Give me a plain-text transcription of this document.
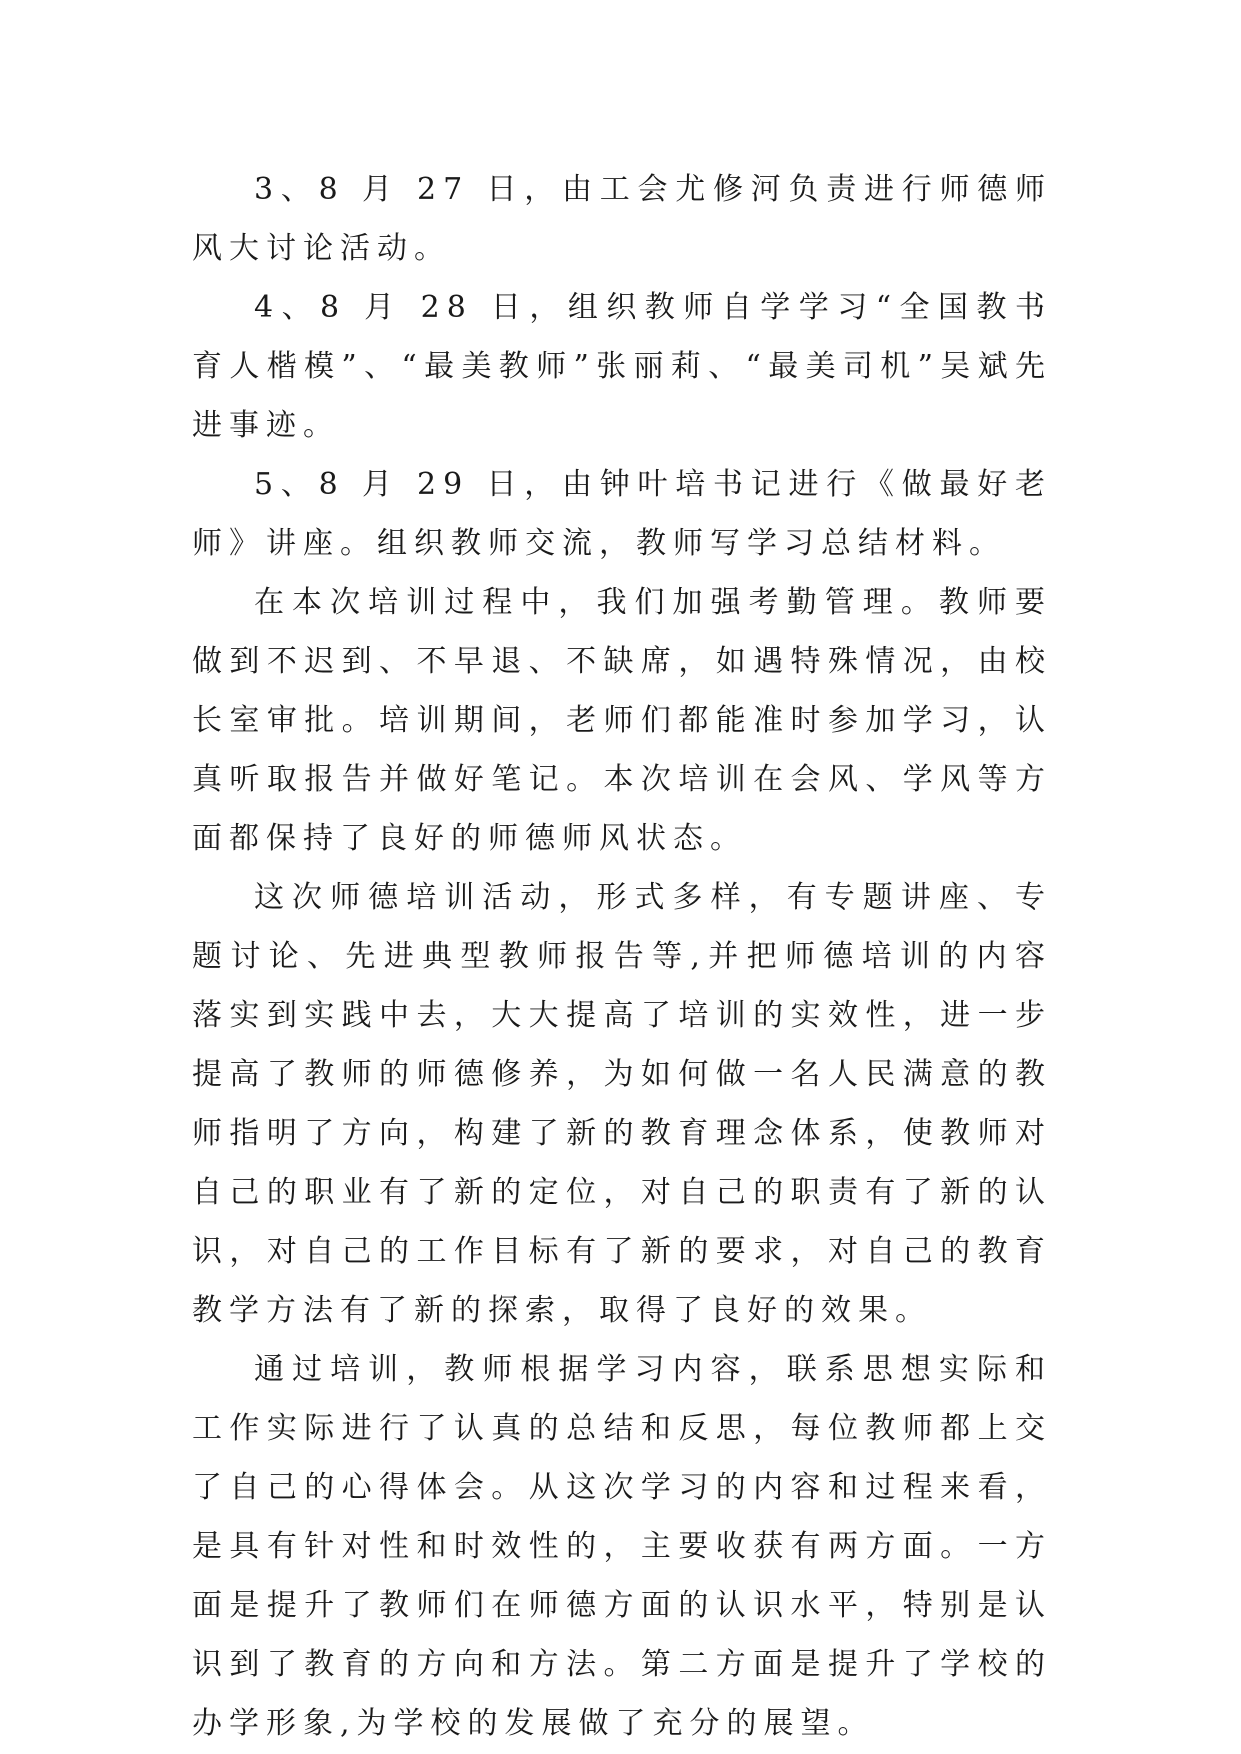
3、8 月 27 日，由工会尤修河负责进行师德师风大讨论活动。

4、8 月 28 日，组织教师自学学习“全国教书育人楷模”、“最美教师”张丽莉、“最美司机”吴斌先进事迹。

5、8 月 29 日，由钟叶培书记进行《做最好老师》讲座。组织教师交流，教师写学习总结材料。

在本次培训过程中，我们加强考勤管理。教师要做到不迟到、不早退、不缺席，如遇特殊情况，由校长室审批。培训期间，老师们都能准时参加学习，认真听取报告并做好笔记。本次培训在会风、学风等方面都保持了良好的师德师风状态。

这次师德培训活动，形式多样，有专题讲座、专题讨论、先进典型教师报告等,并把师德培训的内容落实到实践中去，大大提高了培训的实效性，进一步提高了教师的师德修养，为如何做一名人民满意的教师指明了方向，构建了新的教育理念体系，使教师对自己的职业有了新的定位，对自己的职责有了新的认识，对自己的工作目标有了新的要求，对自己的教育教学方法有了新的探索，取得了良好的效果。

通过培训，教师根据学习内容，联系思想实际和工作实际进行了认真的总结和反思，每位教师都上交了自己的心得体会。从这次学习的内容和过程来看，是具有针对性和时效性的，主要收获有两方面。一方面是提升了教师们在师德方面的认识水平，特别是认识到了教育的方向和方法。第二方面是提升了学校的办学形象,为学校的发展做了充分的展望。
